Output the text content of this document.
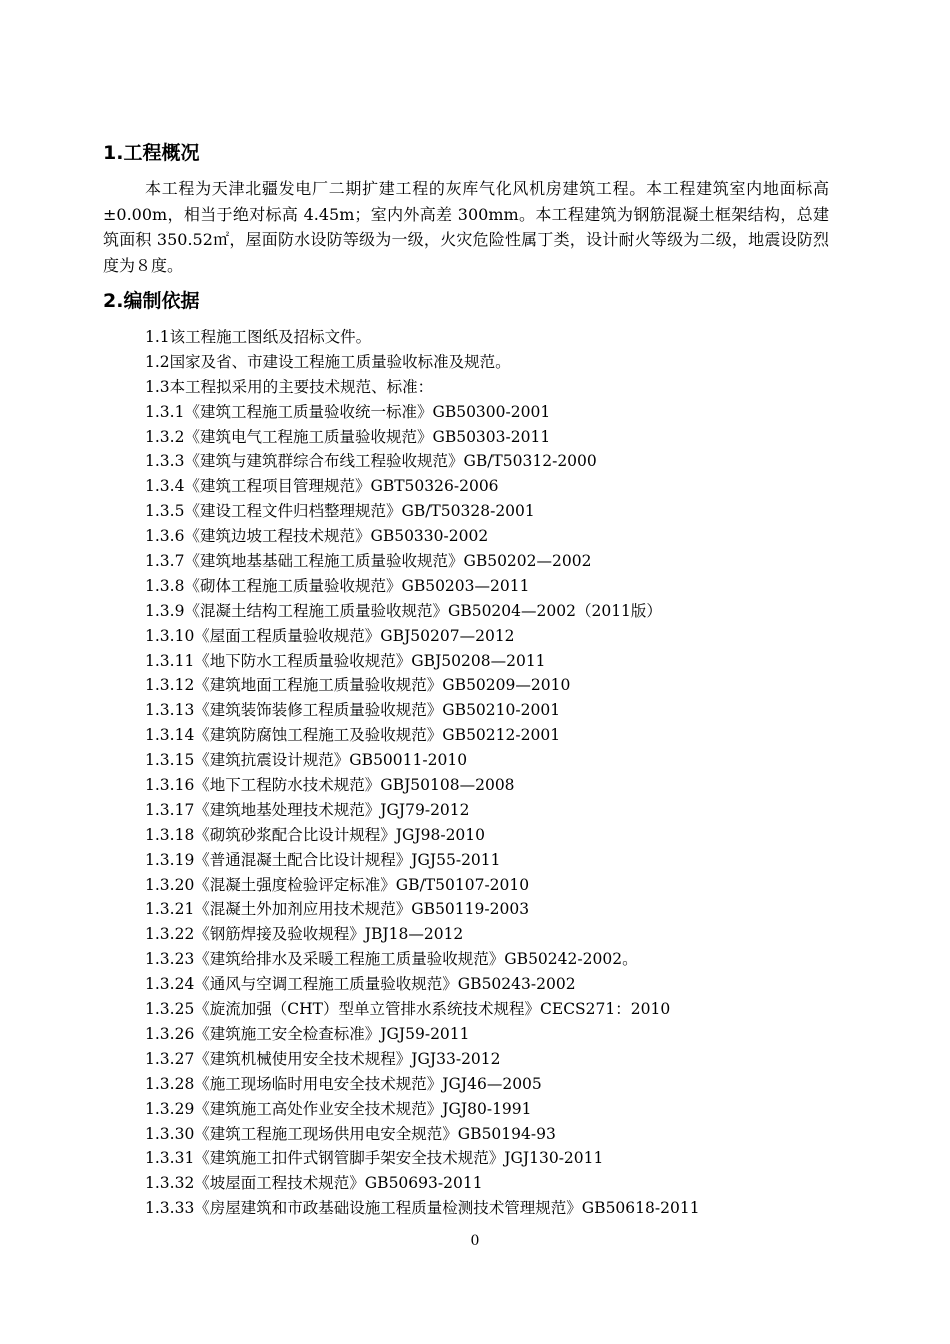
1.工程概况

本工程为天津北疆发电厂二期扩建工程的灰库气化风机房建筑工程。本工程建筑室内地面标高±0.00m，相当于绝对标高 4.45m；室内外高差 300mm。本工程建筑为钢筋混凝土框架结构，总建筑面积 350.52㎡，屋面防水设防等级为一级，火灾危险性属丁类，设计耐火等级为二级，地震设防烈度为８度。

2.编制依据
1.1该工程施工图纸及招标文件。
1.2国家及省、市建设工程施工质量验收标准及规范。
1.3本工程拟采用的主要技术规范、标准：
1.3.1《建筑工程施工质量验收统一标准》GB50300-2001
1.3.2《建筑电气工程施工质量验收规范》GB50303-2011
1.3.3《建筑与建筑群综合布线工程验收规范》GB/T50312-2000
1.3.4《建筑工程项目管理规范》GBT50326-2006
1.3.5《建设工程文件归档整理规范》GB/T50328-2001
1.3.6《建筑边坡工程技术规范》GB50330-2002
1.3.7《建筑地基基础工程施工质量验收规范》GB50202—2002
1.3.8《砌体工程施工质量验收规范》GB50203—2011
1.3.9《混凝土结构工程施工质量验收规范》GB50204—2002（2011版）
1.3.10《屋面工程质量验收规范》GBJ50207—2012
1.3.11《地下防水工程质量验收规范》GBJ50208—2011
1.3.12《建筑地面工程施工质量验收规范》GB50209—2010
1.3.13《建筑装饰装修工程质量验收规范》GB50210-2001
1.3.14《建筑防腐蚀工程施工及验收规范》GB50212-2001
1.3.15《建筑抗震设计规范》GB50011-2010
1.3.16《地下工程防水技术规范》GBJ50108—2008
1.3.17《建筑地基处理技术规范》JGJ79-2012
1.3.18《砌筑砂浆配合比设计规程》JGJ98-2010
1.3.19《普通混凝土配合比设计规程》JGJ55-2011
1.3.20《混凝土强度检验评定标准》GB/T50107-2010
1.3.21《混凝土外加剂应用技术规范》GB50119-2003
1.3.22《钢筋焊接及验收规程》JBJ18—2012
1.3.23《建筑给排水及采暖工程施工质量验收规范》GB50242-2002。
1.3.24《通风与空调工程施工质量验收规范》GB50243-2002
1.3.25《旋流加强（CHT）型单立管排水系统技术规程》CECS271：2010
1.3.26《建筑施工安全检查标准》JGJ59-2011
1.3.27《建筑机械使用安全技术规程》JGJ33-2012
1.3.28《施工现场临时用电安全技术规范》JGJ46—2005
1.3.29《建筑施工高处作业安全技术规范》JGJ80-1991
1.3.30《建筑工程施工现场供用电安全规范》GB50194-93
1.3.31《建筑施工扣件式钢管脚手架安全技术规范》JGJ130-2011
1.3.32《坡屋面工程技术规范》GB50693-2011
1.3.33《房屋建筑和市政基础设施工程质量检测技术管理规范》GB50618-2011
0
